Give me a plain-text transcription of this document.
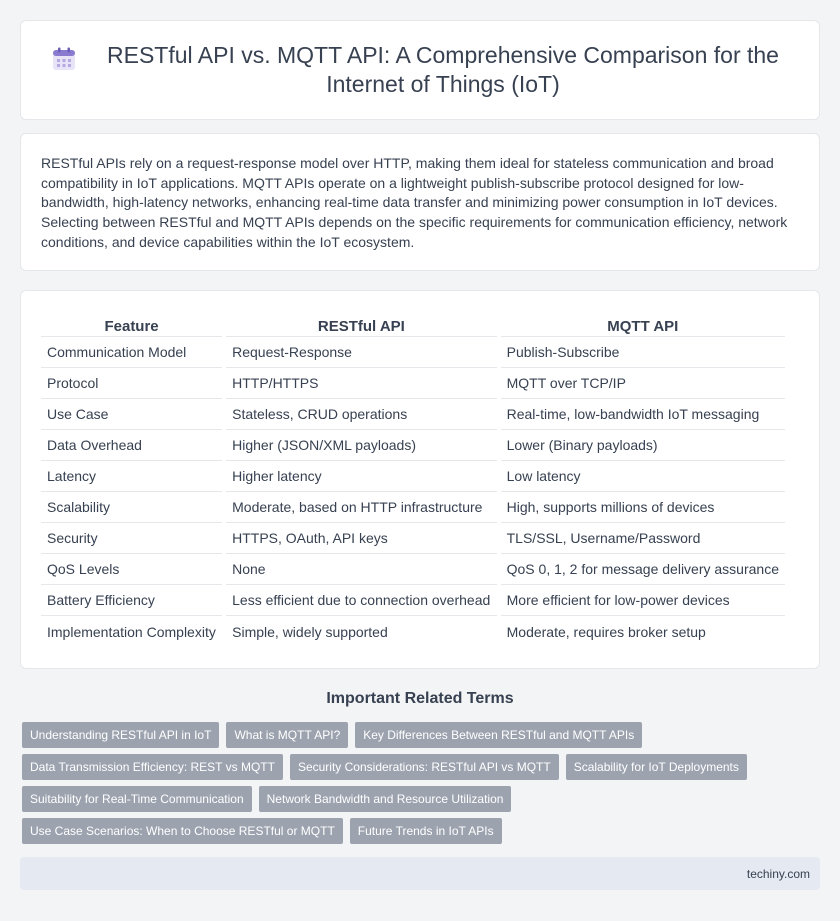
RESTful API vs. MQTT API: A Comprehensive Comparison for the Internet of Things (IoT)

RESTful APIs rely on a request-response model over HTTP, making them ideal for stateless communication and broad compatibility in IoT applications. MQTT APIs operate on a lightweight publish-subscribe protocol designed for low-bandwidth, high-latency networks, enhancing real-time data transfer and minimizing power consumption in IoT devices. Selecting between RESTful and MQTT APIs depends on the specific requirements for communication efficiency, network conditions, and device capabilities within the IoT ecosystem.

Feature	RESTful API	MQTT API
Communication Model	Request-Response	Publish-Subscribe
Protocol	HTTP/HTTPS	MQTT over TCP/IP
Use Case	Stateless, CRUD operations	Real-time, low-bandwidth IoT messaging
Data Overhead	Higher (JSON/XML payloads)	Lower (Binary payloads)
Latency	Higher latency	Low latency
Scalability	Moderate, based on HTTP infrastructure	High, supports millions of devices
Security	HTTPS, OAuth, API keys	TLS/SSL, Username/Password
QoS Levels	None	QoS 0, 1, 2 for message delivery assurance
Battery Efficiency	Less efficient due to connection overhead	More efficient for low-power devices
Implementation Complexity	Simple, widely supported	Moderate, requires broker setup
Important Related Terms
Understanding RESTful API in IoT	What is MQTT API?	Key Differences Between RESTful and MQTT APIs
Data Transmission Efficiency: REST vs MQTT	Security Considerations: RESTful API vs MQTT	Scalability for IoT Deployments
Suitability for Real-Time Communication	Network Bandwidth and Resource Utilization
Use Case Scenarios: When to Choose RESTful or MQTT	Future Trends in IoT APIs
techiny.com
